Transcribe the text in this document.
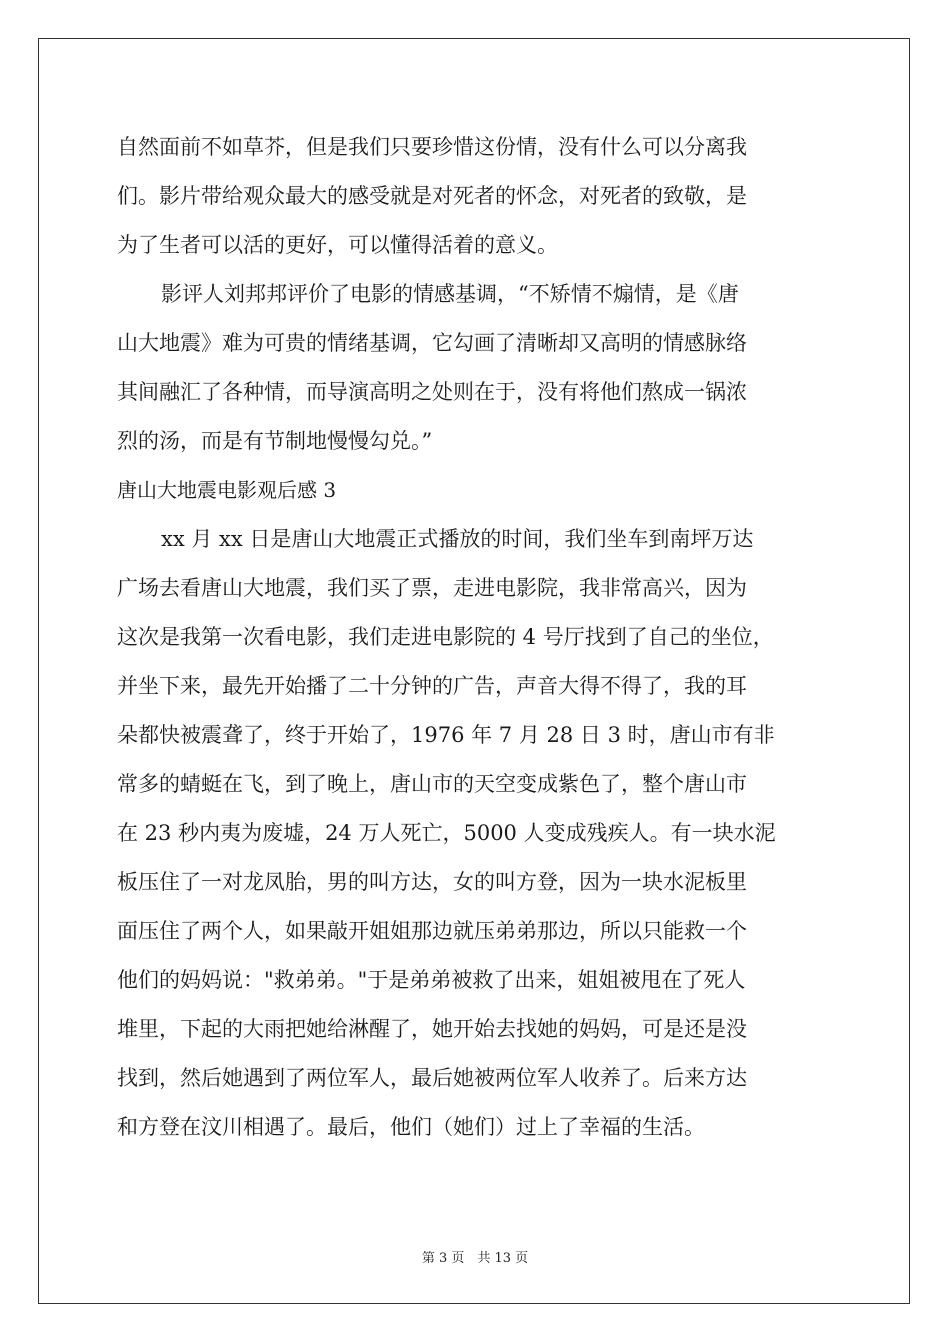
自然面前不如草芥，但是我们只要珍惜这份情，没有什么可以分离我
们。影片带给观众最大的感受就是对死者的怀念，对死者的致敬，是
为了生者可以活的更好，可以懂得活着的意义。
影评人刘邦邦评价了电影的情感基调，“不矫情不煽情，是《唐
山大地震》难为可贵的情绪基调，它勾画了清晰却又高明的情感脉络
其间融汇了各种情，而导演高明之处则在于，没有将他们熬成一锅浓
烈的汤，而是有节制地慢慢勾兑。”
唐山大地震电影观后感 3
xx 月 xx 日是唐山大地震正式播放的时间，我们坐车到南坪万达
广场去看唐山大地震，我们买了票，走进电影院，我非常高兴，因为
这次是我第一次看电影，我们走进电影院的 4 号厅找到了自己的坐位，
并坐下来，最先开始播了二十分钟的广告，声音大得不得了，我的耳
朵都快被震聋了，终于开始了，1976 年 7 月 28 日 3 时，唐山市有非
常多的蜻蜓在飞，到了晚上，唐山市的天空变成紫色了，整个唐山市
在 23 秒内夷为废墟，24 万人死亡，5000 人变成残疾人。有一块水泥
板压住了一对龙凤胎，男的叫方达，女的叫方登，因为一块水泥板里
面压住了两个人，如果敲开姐姐那边就压弟弟那边，所以只能救一个
他们的妈妈说："救弟弟。"于是弟弟被救了出来，姐姐被甩在了死人
堆里，下起的大雨把她给淋醒了，她开始去找她的妈妈，可是还是没
找到，然后她遇到了两位军人，最后她被两位军人收养了。后来方达
和方登在汶川相遇了。最后，他们（她们）过上了幸福的生活。
第 3 页　共 13 页
